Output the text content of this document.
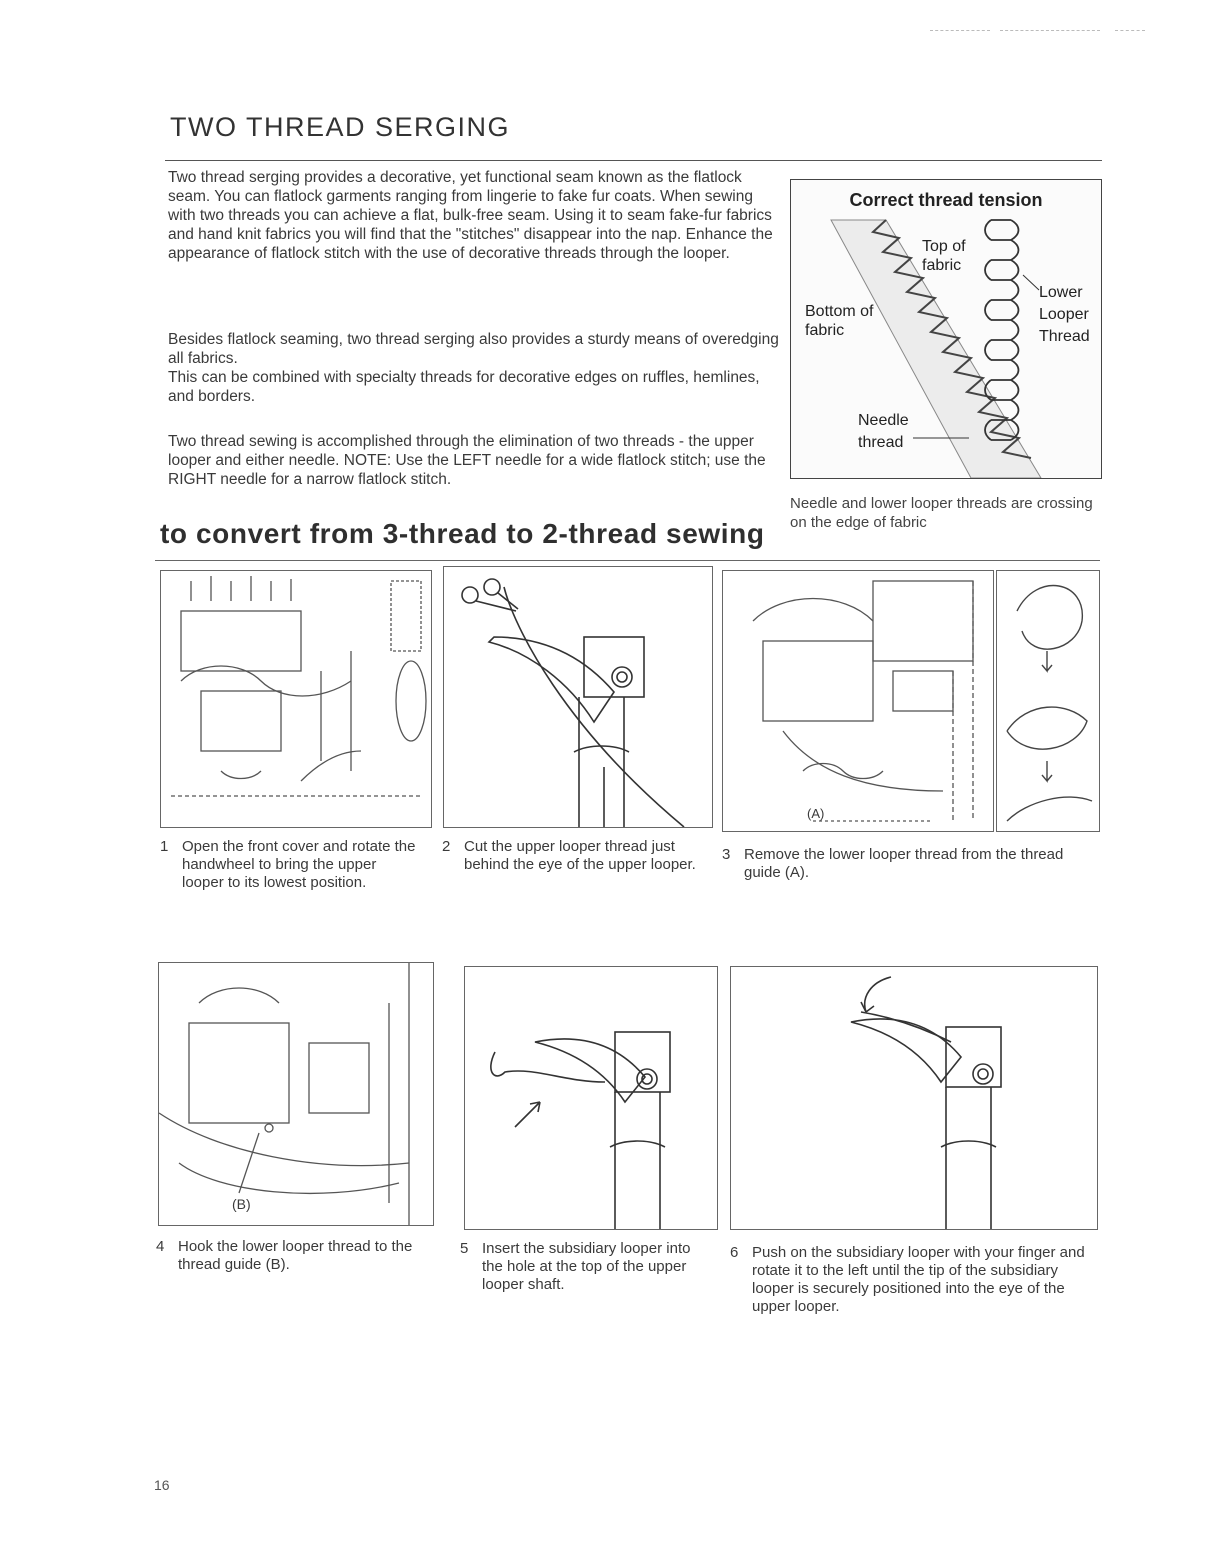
TWO THREAD SERGING

Two thread serging provides a decorative, yet functional seam known as the flatlock seam. You can flatlock garments ranging from lingerie to fake fur coats. When sewing with two threads you can achieve a flat, bulk-free seam. Using it to seam fake-fur fabrics and hand knit fabrics you will find that the "stitches" disappear into the nap. Enhance the appearance of flatlock stitch with the use of decorative threads through the looper.

Besides flatlock seaming, two thread serging also provides a sturdy means of overedging all fabrics.

This can be combined with specialty threads for decorative edges on ruffles, hemlines, and borders.

Two thread sewing is accomplished through the elimination of two threads - the upper looper and either needle. NOTE: Use the LEFT needle for a wide flatlock stitch; use the RIGHT needle for a narrow flatlock stitch.

Correct thread tension

Top of
fabric
Bottom of
fabric
Lower
Looper
Thread
Needle
thread

Needle and lower looper threads are crossing on the edge of fabric

to convert from 3-thread to 2-thread sewing
(A)
1 Open the front cover and rotate the handwheel to bring the upper looper to its lowest position.
2 Cut the upper looper thread just behind the eye of the upper looper.
3 Remove the lower looper thread from the thread guide (A).
(B)
4 Hook the lower looper thread to the thread guide (B).
5 Insert the subsidiary looper into the hole at the top of the upper looper shaft.
6 Push on the subsidiary looper with your finger and rotate it to the left until the tip of the subsidiary looper is securely positioned into the eye of the upper looper.
16
